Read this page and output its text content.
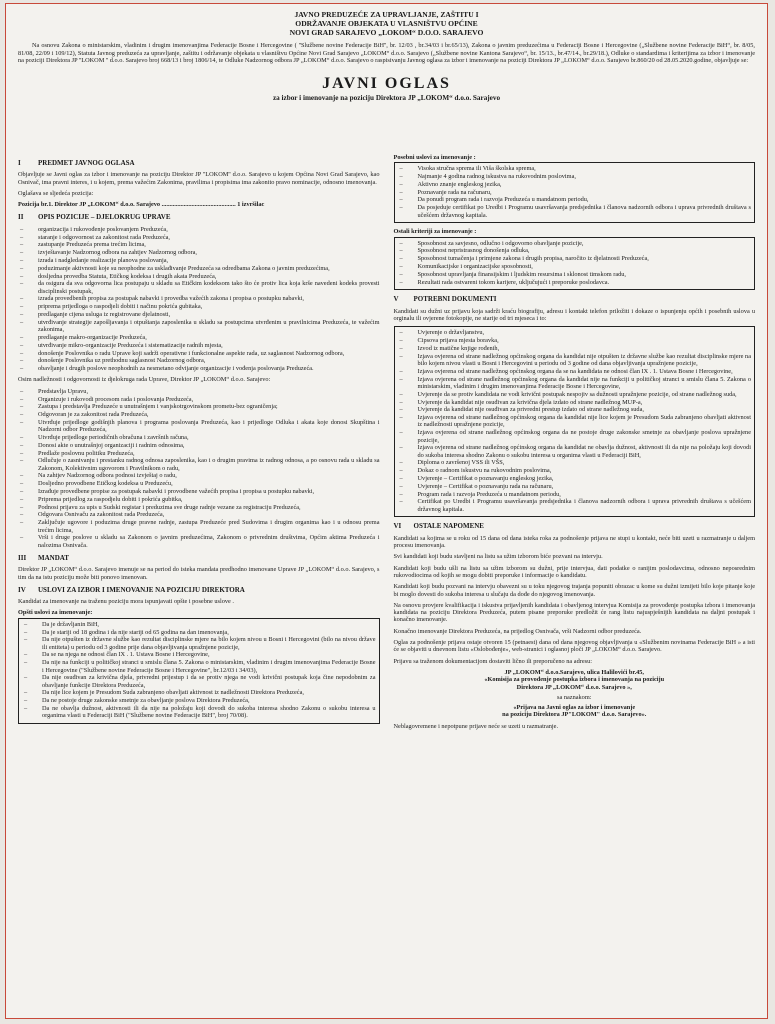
JAVNO PREDUZEĆE ZA UPRAVLJANJE, ZAŠTITU I
ODRŽAVANJE OBJEKATA U VLASNIŠTVU OPĆINE
NOVI GRAD SARAJEVO „LOKOM“ D.O.O. SARAJEVO
Na osnovu Zakona o ministarskim, vladinim i drugim imenovanjima Federacije Bosne i Hercegovine ( ''Službene novine Federacije BiH'', br. 12/03 , br.34/03 i br.65/13), Zakona o javnim preduzećima u Federaciji Bosne i Hercegovine („Službene novine Federacije BiH“, br. 8/05, 81/08, 22/09 i 109/12), Statuta Javnog preduzeća za upravljanje, zaštitu i održavanje objekata u vlasništvu Općine Novi Grad Sarajevo „LOKOM“ d.o.o. Sarajevo („Službene novine Kantona Sarajevo“, br. 15/13., br.47/14., br.29/18.), Odluke o standardima i kriterijima za izbor i imenovanje na poziciji Direktora JP ''LOKOM '' d.o.o. Sarajevo broj 668/13 i broj 1806/14, te Odluke Nadzornog odbora JP „LOKOM“ d.o.o. Sarajevo o raspisivanju Javnog oglasa za izbor i imenovanje na poziciji Direktora JP „LOKOM“ d.o.o. Sarajevo br.860/20 od 28.05.2020.godine, objavljuje se:
JAVNI OGLAS
za izbor i imenovanje na poziciju Direktora JP „LOKOM“ d.o.o. Sarajevo
I PREDMET JAVNOG OGLASA

Objavljuje se Javni oglas za izbor i imenovanje na poziciju Direktor JP ''LOKOM'' d.o.o. Sarajevo u kojem Općina Novi Grad Sarajevo, kao Osnivač, ima pravni interes, i u kojem, prema važećim Zakonima, pravilima i propisima ima zakonito pravo nominacije, odnosno imenovanja.

Oglašava se sljedeća pozicija:

Pozicija br.1. Direktor JP „LOKOM“ d.o.o. Sarajevo ............................................... 1 izvršilac

II OPIS POZICIJE – DJELOKRUG UPRAVE
– organizacija i rukovođenje poslovanjem Preduzeća,
– staranje i odgovornost za zakonitost rada Preduzeća,
– zastupanje Preduzeća prema trećim licima,
– izvještavanje Nadzornog odbora na zahtjev Nadzornog odbora,
– izrada i nadgledanje realizacije planova poslovanja,
– poduzimanje aktivnosti koje su neophodne za usklađivanje Preduzeća sa odredbama Zakona o javnim preduzećima,
– dosljedna provedba Statuta, Etičkog kodeksa i drugih akata Preduzeća,
– da osigura da sva odgovorna lica postupaju u skladu sa Etičkim kodeksom tako što će protiv lica koja krše navedeni kodeks provesti disciplinski postupak,
– izrada provedbenih propisa za postupak nabavki i provedba važećih zakona i propisa o postupku nabavki,
– priprema prijedloga o raspodjeli dobiti i načinu pokrića gubitaka,
– predlaganje cijena usluga iz registrovane djelatnosti,
– utvrđivanje strategije zapošljavanja i otpuštanja zaposlenika u skladu sa postupcima utvrđenim u pravilnicima Preduzeća, te važećim zakonima,
– predlaganje makro-organizacije Preduzeća,
– utvrđivanje mikro-organizacije Preduzeća i sistematizacije radnih mjesta,
– donošenje Poslovnika o radu Uprave koji sadrži operativne i funkcionalne aspekte rada, uz saglasnost Nadzornog odbora,
– donošenje Poslovnika uz prethodnu saglasnost Nadzornog odbora,
– obavljanje i drugih poslove neophodnih za nesmetano odvijanje organizacije i vođenja poslovanja Preduzeća.

Osim nadležnosti i odgovornosti iz djelokruga rada Uprave, Direktor JP „LOKOM“ d.o.o. Sarajevo:

– Predstavlja Upravu,
– Organizuje i rukovodi procesom rada i poslovanja Preduzeća,
– Zastupa i predstavlja Preduzeće u unutrašnjem i vanjskotrgovinskom prometu-bez ograničenja;
– Odgovoran je za zakonitost rada Preduzeća,
– Utvrđuje prijedloge godišnjih planova i programa poslovanja Preduzeća, kao i prijedloge Odluka i akata koje donosi Skupština i Nadzorni odbor Preduzeća,
– Utvrđuje prijedloge periodičnih obračuna i završnih računa,
– Donosi akte o unutrašnjoj organizaciji i radnim odnosima,
– Predlaže poslovnu politiku Preduzeća,
– Odlučuje o zasnivanju i prestanku radnog odnosa zaposlenika, kao i o drugim pravima iz radnog odnosa, a po osnovu rada u skladu sa Zakonom, Kolektivnim ugovorom i Pravilnikom o radu,
– Na zahtjev Nadzornog odbora podnosi izvještaj o radu,
– Dosljedno provodbene Etičkog kodeksa u Preduzeću,
– Izrađuje provedbene propise za postupak nabavki i provodbene važećih propisa i propisa u postupku nabavki,
– Priprema prijedlog za raspodjelu dobiti i pokrića gubitka,
– Podnosi prijavu za upis u Sudski registar i preduzima sve druge radnje vezane za registraciju Preduzeća,
– Odgovara Osnivaču za zakonitost rada Preduzeća,
– Zaključuje ugovore i poduzima druge pravne radnje, zastupa Preduzeće pred Sudovima i drugim organima kao i u odnosu prema trećim licima,
– Vrši i druge poslove u skladu sa Zakonom o javnim preduzećima, Zakonom o privrednim društvima, Općim aktima Preduzeća i nalozima Osnivača.
III MANDAT

Direktor JP „LOKOM“ d.o.o. Sarajevo imenuje se na period do isteka mandata predhodno imenovane Uprave JP „LOKOM“ d.o.o. Sarajevo, s tim da na istu poziciju može biti ponovo imenovan.

IV USLOVI ZA IZBOR I IMENOVANJE NA POZICIJU DIREKTORA

Kandidat za imenovanje na traženu poziciju mora ispunjavati opšte i posebne uslove .

Opšti uslovi za imenovanje:
– Da je državljanin BiH,
– Da je stariji od 18 godina i da nije stariji od 65 godina na dan imenovanja,
– Da nije otpušten iz državne službe kao rezultat disciplinske mjere na bilo kojem nivou u Bosni i Hercegovini (bilo na nivou države ili entiteta) u periodu od 3 godine prije dana objavljivanja upražnjene pozicije,
– Da se na njega ne odnosi član IX . 1. Ustava Bosne i Hercegovine,
– Da nije na funkciji u političkoj stranci u smislu člana 5. Zakona o ministarskim, vladinim i drugim imenovanjima Federacije Bosne i Hercegovine ("Službene novine Federacije Bosne i Hercegovine", br.12/03 i 34/03),
– Da nije osuđivan za krivična djela, privredni prijestup i da se protiv njega ne vodi krivični postupak koja čine nepodobnim za obavljanje funkcije Direktora Preduzeća,
– Da nije lice kojem je Presudom Suda zabranjeno obavljati aktivnost iz nadležnosti Direktora Preduzeća,
– Da ne postoje druge zakonske smetnje za obavljanje poslova Direktora Preduzeća,
– Da ne obavlja dužnost, aktivnosti ili da nije na položaju koji dovodi do sukoba interesa shodno Zakonu o sukobu interesa u organima vlasti u Federaciji BiH ("Službene novine Federacije BiH", broj 70/08).
Posebni uslovi za imenovanje :
– Visoka stručna sprema ili Viša školska sprema,
– Najmanje 4 godina radnog iskustva na rukovodnim poslovima,
– Aktivno znanje engleskog jezika,
– Poznavanje rada na računaru,
– Da ponudi program rada i razvoja Preduzeća u mandatnom periodu,
– Da posjeduje certifikat po Uredbi i Programu usavršavanja predsjednika i članova nadzornih odbora i uprava privrednih društava s učešćem državnog kapitala.
Ostali kriteriji za imenovanje :
– Sposobnost za savjesno, odlučno i odgovorno obavljanje pozicije,
– Sposobnost nepristrasnog donošenja odluka,
– Sposobnost tumačenja i primjene zakona i drugih propisa, naročito iz djelatnosti Preduzeća,
– Komunikacijske i organizacijske sposobnosti,
– Sposobnost upravljanja finansijskim i ljudskim resursima i sklonost timskom radu,
– Rezultati rada ostvareni tokom karijere, uključujući i preporuke poslodavca.
V POTREBNI DOKUMENTI

Kandidati su dužni uz prijavu koja sadrži kraću biografiju, adresu i kontakt telefon priložiti i dokaze o ispunjenju općih i posebnih uslova u orginalu ili ovjerene fotokopije, ne starije od tri mjeseca i to:

– Uvjerenje o državljanstvu,
– Cipsova prijava mjesta boravka,
– Izvod iz matične knjige rođenih,
– Izjava ovjerena od strane nadležnog općinskog organa da kandidat nije otpušten iz državne službe kao rezultat disciplinske mjere na bilo kojem nivou vlasti u Bosni i Hercegovini u periodu od 3 godine od dana objavljivanja upražnjene pozicije,
– Izjava ovjerena od strane nadležnog općinskog organa da se na kandidata ne odnosi član IX . 1. Ustava Bosne i Hercegovine,
– Izjava ovjerena od strane nadležnog općinskog organa da kandidat nije na funkciji u političkoj stranci u smislu člana 5. Zakona o ministarskim, vladinim i drugim imenovanjima Federacije Bosne i Hercegovine,
– Uvjerenje da se protiv kandidata ne vodi krivični postupak nespojiv sa dužnosti upražnjene pozicije, od strane nadležnog suda,
– Uvjerenje da kandidat nije osuđivan za krivična djela izdato od strane nadležnog MUP-a,
– Uvjerenje da kandidat nije osuđivan za privredni prestup izdato od strane nadležnog suda,
– Izjava ovjerena od strane nadležnog općinskog organa da kandidat nije lice kojem je Presudom Suda zabranjeno obavljati aktivnost iz nadležnosti upražnjene pozicije,
– Izjava ovjerena od strane nadležnog općinskog organa da ne postoje druge zakonske smetnje za obavljanje poslova upražnjene pozicije,
– Izjava ovjerena od strane nadležnog općinskog organa da kandidat ne obavlja dužnost, aktivnosti ili da nije na položaju koji dovodi do sukoba interesa shodno Zakonu o sukobu interesa u organima vlasti u Federaciji BiH,
– Diploma o završenoj VSS ili VŠS,
– Dokaz o radnom iskustvu na rukovodnim poslovima,
– Uvjerenje – Certifikat o poznavanju engleskog jezika,
– Uvjerenje – Certifikat o poznavanju rada na računaru,
– Program rada i razvoja Preduzeća u mandatnom periodu,
– Certifikat po Uredbi i Programu usavršavanja predsjednika i članova nadzornih odbora i uprava privrednih društava s učešćem državnog kapitala.
VI OSTALE NAPOMENE

Kandidati sa kojima se u roku od 15 dana od dana isteka roka za podnošenje prijava ne stupi u kontakt, neće biti uzeti u razmatranje u daljem procesu imenovanja.

Svi kandidati koji budu stavljeni na listu sa užim izborom biće pozvani na intervju.

Kandidati koji budu ušli na listu sa užim izborom su dužni, prije intervjua, dati podatke o ranijim poslodavcima, odnosno neposrednim rukovodiocima od kojih se mogu dobiti preporuke i informacije o kandidatu.

Kandidati koji budu pozvani na intervju obavezni su u toku njegovog trajanja popuniti obrazac u kome su dužni izmijeti bilo koje pitanje koje bi moglo dovesti do sukoba interesa u slučaju da dođe do njegovog imenovanja.

Na osnovu provjere kvalifikacija i iskustva prijavljenih kandidata i obavljenog intervjua Komisija za provođenje postupka izbora i imenovanja kandidata na poziciju Direktora Preduzeća, putem pisane preporuke predložit će rang listu najuspješnijih kandidata na daljni postupak i konačno imenovanje.

Konačno imenovanje Direktora Preduzeća, na prijedlog Osnivača, vrši Nadzorni odbor preduzeća.

Oglas za podnošenje prijava ostaje otvoren 15 (petnaest) dana od dana njegovog objavljivanja u «Službenim novinama Federacije BiH » a isti će se objaviti u dnevnom listu «Oslobođenje», web-stranici i oglasnoj ploči JP „LOKOM“ d.o.o. Sarajevo.

Prijavu sa traženom dokumentacijom dostaviti lično ili preporučeno na adresu:

JP „LOKOM“ d.o.o.Sarajevo, ulica Halilovići br.45,
«Komisija za provođenje postupka izbora i imenovanja na poziciju
Direktora JP „LOKOM“ d.o.o. Sarajevo »,
sa naznakom:
«Prijava na Javni oglas za izbor i imenovanje
na poziciju Direktora JP"LOKOM" d.o.o. Sarajevo».

Neblagovremene i nepotpune prijave neće se uzeti u razmatranje.
